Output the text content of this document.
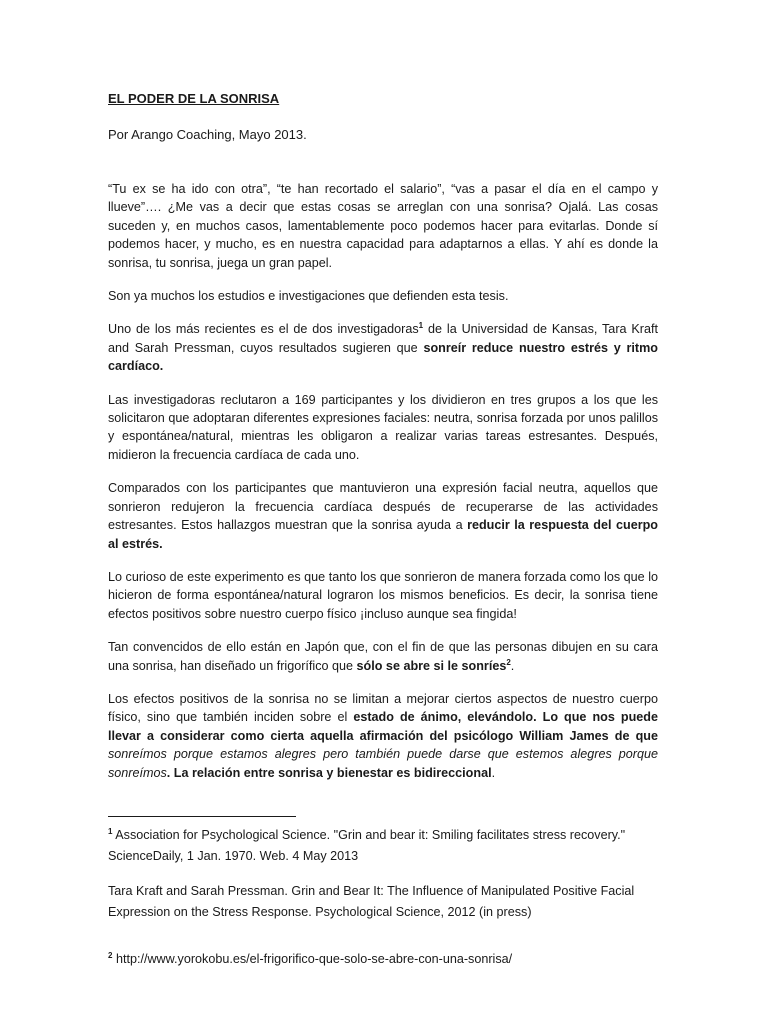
EL PODER DE LA SONRISA
Por Arango Coaching, Mayo 2013.

“Tu ex se ha ido con otra”, “te han recortado el salario”, “vas a pasar el día en el campo y llueve”…. ¿Me vas a decir que estas cosas se arreglan con una sonrisa? Ojalá. Las cosas suceden y, en muchos casos, lamentablemente poco podemos hacer para evitarlas. Donde sí podemos hacer, y mucho, es en nuestra capacidad para adaptarnos a ellas. Y ahí es donde la sonrisa, tu sonrisa, juega un gran papel.

Son ya muchos los estudios e investigaciones que defienden esta tesis.

Uno de los más recientes es el de dos investigadoras$^1$ de la Universidad de Kansas, Tara Kraft and Sarah Pressman, cuyos resultados sugieren que sonreír reduce nuestro estrés y ritmo cardíaco.

Las investigadoras reclutaron a 169 participantes y los dividieron en tres grupos a los que les solicitaron que adoptaran diferentes expresiones faciales: neutra, sonrisa forzada por unos palillos y espontánea/natural, mientras les obligaron a realizar varias tareas estresantes. Después, midieron la frecuencia cardíaca de cada uno.

Comparados con los participantes que mantuvieron una expresión facial neutra, aquellos que sonrieron redujeron la frecuencia cardíaca después de recuperarse de las actividades estresantes. Estos hallazgos muestran que la sonrisa ayuda a reducir la respuesta del cuerpo al estrés.

Lo curioso de este experimento es que tanto los que sonrieron de manera forzada como los que lo hicieron de forma espontánea/natural lograron los mismos beneficios. Es decir, la sonrisa tiene efectos positivos sobre nuestro cuerpo físico ¡incluso aunque sea fingida!

Tan convencidos de ello están en Japón que, con el fin de que las personas dibujen en su cara una sonrisa, han diseñado un frigorífico que sólo se abre si le sonríes$^2$.

Los efectos positivos de la sonrisa no se limitan a mejorar ciertos aspectos de nuestro cuerpo físico, sino que también inciden sobre el estado de ánimo, elevándolo. Lo que nos puede llevar a considerar como cierta aquella afirmación del psicólogo William James de que sonreímos porque estamos alegres pero también puede darse que estemos alegres porque sonreímos. La relación entre sonrisa y bienestar es bidireccional.

$^1$ Association for Psychological Science. "Grin and bear it: Smiling facilitates stress recovery." ScienceDaily, 1 Jan. 1970. Web. 4 May 2013
Tara Kraft and Sarah Pressman. Grin and Bear It: The Influence of Manipulated Positive Facial Expression on the Stress Response. Psychological Science, 2012 (in press)
$^2$ http://www.yorokobu.es/el-frigorifico-que-solo-se-abre-con-una-sonrisa/
